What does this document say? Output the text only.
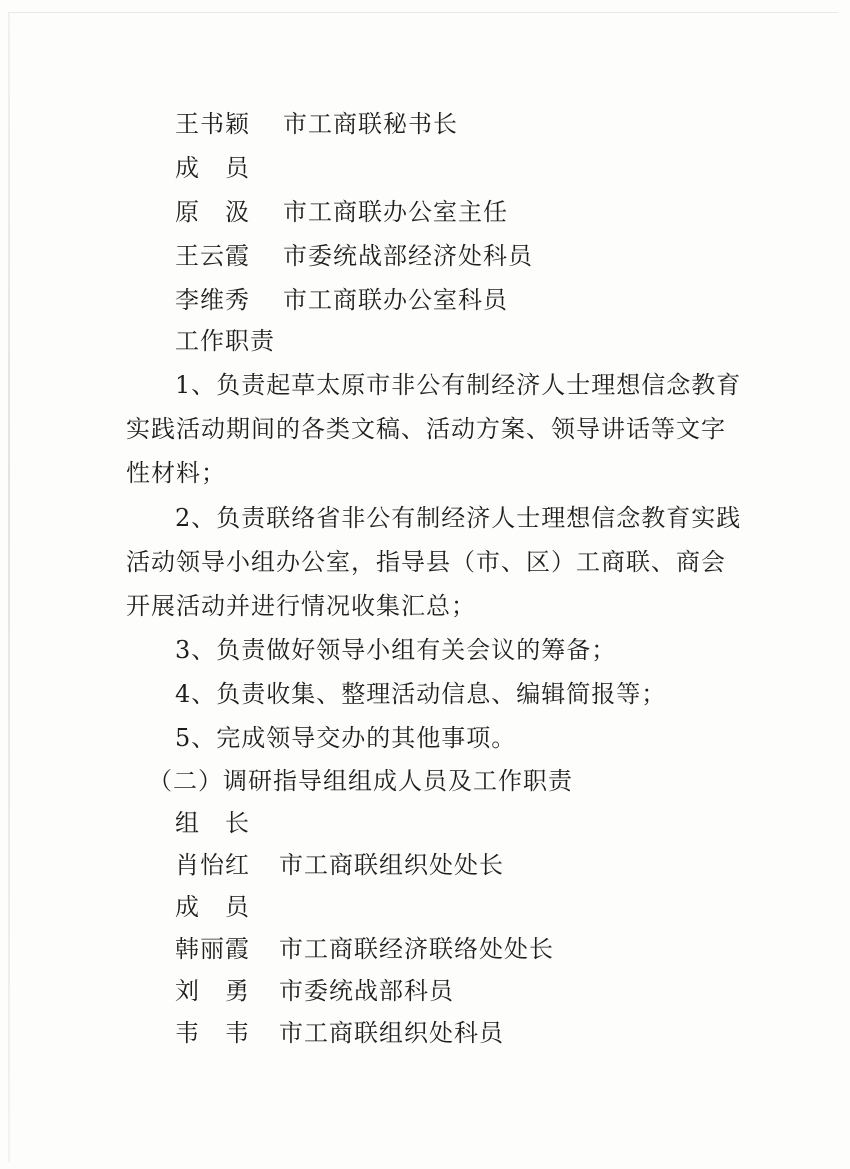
王书颖	市工商联秘书长
成　员
原　汲	市工商联办公室主任
王云霞	市委统战部经济处科员
李维秀	市工商联办公室科员
工作职责
1、负责起草太原市非公有制经济人士理想信念教育
实践活动期间的各类文稿、活动方案、领导讲话等文字
性材料；
2、负责联络省非公有制经济人士理想信念教育实践
活动领导小组办公室，指导县（市、区）工商联、商会
开展活动并进行情况收集汇总；
3、负责做好领导小组有关会议的筹备；
4、负责收集、整理活动信息、编辑简报等；
5、完成领导交办的其他事项。
（二）调研指导组组成人员及工作职责
组　长
肖怡红	市工商联组织处处长
成　员
韩丽霞	市工商联经济联络处处长
刘　勇	市委统战部科员
韦　韦	市工商联组织处科员
